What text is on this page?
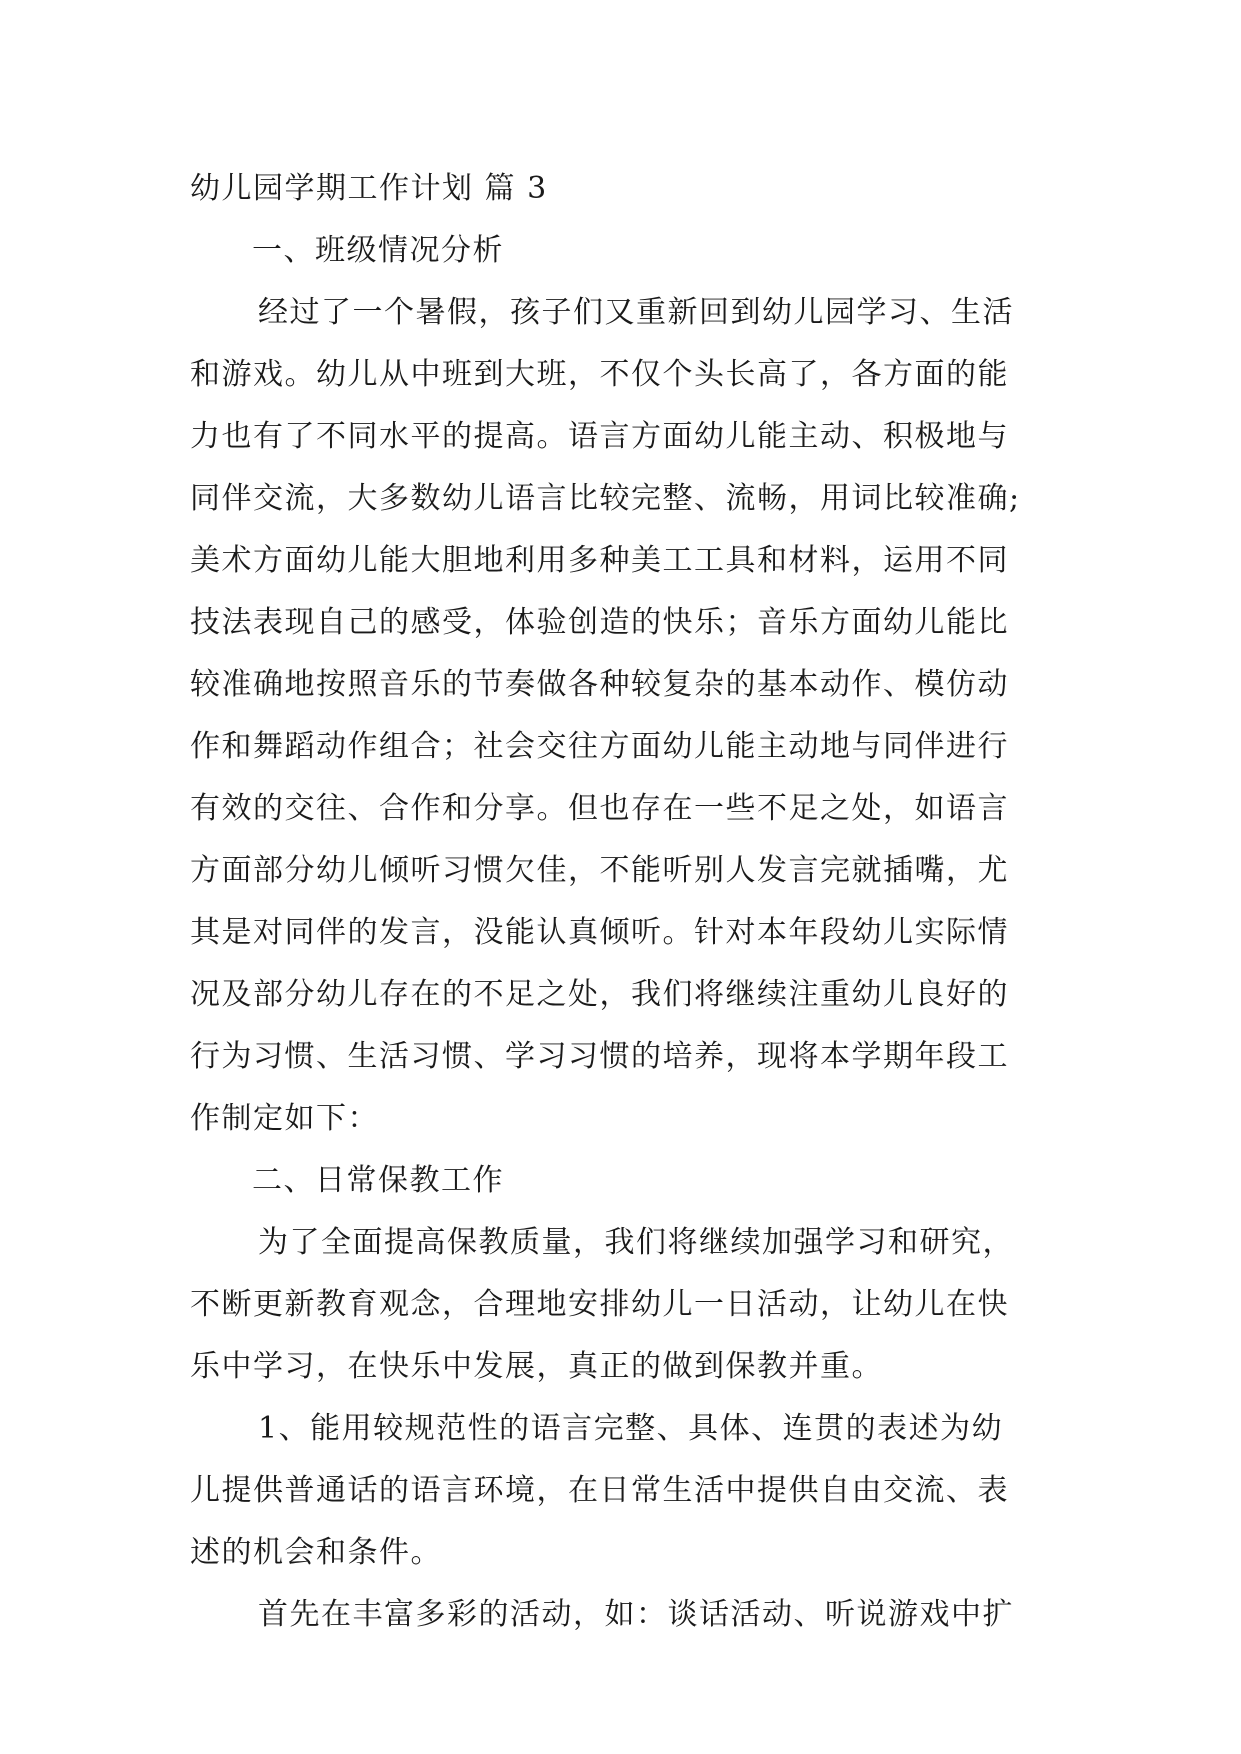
幼儿园学期工作计划 篇 3

一、班级情况分析

经过了一个暑假，孩子们又重新回到幼儿园学习、生活

和游戏。幼儿从中班到大班，不仅个头长高了，各方面的能

力也有了不同水平的提高。语言方面幼儿能主动、积极地与

同伴交流，大多数幼儿语言比较完整、流畅，用词比较准确;

美术方面幼儿能大胆地利用多种美工工具和材料，运用不同

技法表现自己的感受，体验创造的快乐；音乐方面幼儿能比

较准确地按照音乐的节奏做各种较复杂的基本动作、模仿动

作和舞蹈动作组合；社会交往方面幼儿能主动地与同伴进行

有效的交往、合作和分享。但也存在一些不足之处，如语言

方面部分幼儿倾听习惯欠佳，不能听别人发言完就插嘴，尤

其是对同伴的发言，没能认真倾听。针对本年段幼儿实际情

况及部分幼儿存在的不足之处，我们将继续注重幼儿良好的

行为习惯、生活习惯、学习习惯的培养，现将本学期年段工

作制定如下：

二、日常保教工作

为了全面提高保教质量，我们将继续加强学习和研究，

不断更新教育观念，合理地安排幼儿一日活动，让幼儿在快

乐中学习，在快乐中发展，真正的做到保教并重。

1、能用较规范性的语言完整、具体、连贯的表述为幼

儿提供普通话的语言环境，在日常生活中提供自由交流、表

述的机会和条件。

首先在丰富多彩的活动，如：谈话活动、听说游戏中扩
